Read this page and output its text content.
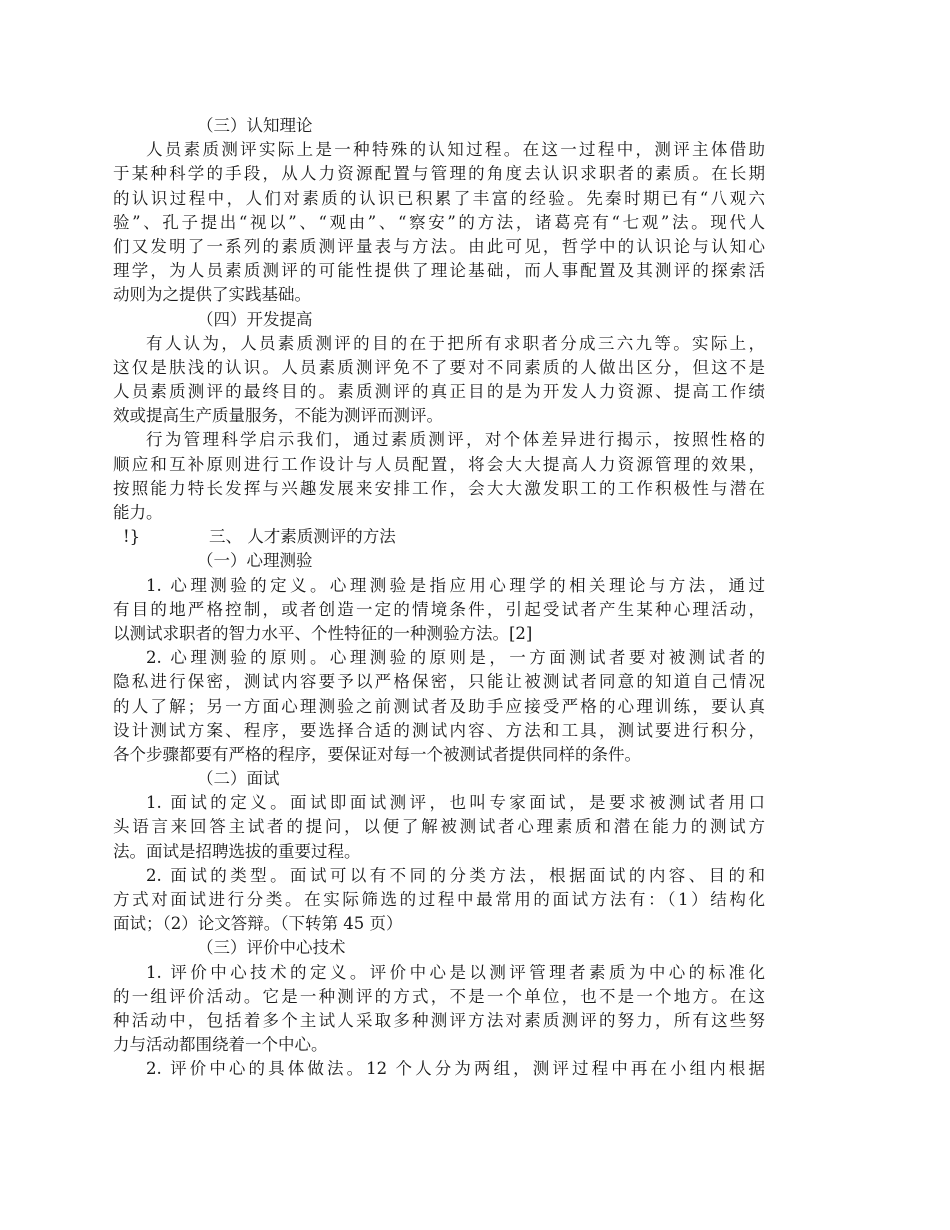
（三）认知理论
人员素质测评实际上是一种特殊的认知过程。在这一过程中，测评主体借助
于某种科学的手段，从人力资源配置与管理的角度去认识求职者的素质。在长期
的认识过程中，人们对素质的认识已积累了丰富的经验。先秦时期已有“八观六
验”、孔子提出“视以”、“观由”、“察安”的方法，诸葛亮有“七观”法。现代人
们又发明了一系列的素质测评量表与方法。由此可见，哲学中的认识论与认知心
理学，为人员素质测评的可能性提供了理论基础，而人事配置及其测评的探索活
动则为之提供了实践基础。
（四）开发提高
有人认为，人员素质测评的目的在于把所有求职者分成三六九等。实际上，
这仅是肤浅的认识。人员素质测评免不了要对不同素质的人做出区分，但这不是
人员素质测评的最终目的。素质测评的真正目的是为开发人力资源、提高工作绩
效或提高生产质量服务，不能为测评而测评。
行为管理科学启示我们，通过素质测评，对个体差异进行揭示，按照性格的
顺应和互补原则进行工作设计与人员配置，将会大大提高人力资源管理的效果，
按照能力特长发挥与兴趣发展来安排工作，会大大激发职工的工作积极性与潜在
能力。
!}	三、 人才素质测评的方法
（一）心理测验
1. 心理测验的定义。心理测验是指应用心理学的相关理论与方法，通过
有目的地严格控制，或者创造一定的情境条件，引起受试者产生某种心理活动，
以测试求职者的智力水平、个性特征的一种测验方法。[2]
2. 心理测验的原则。心理测验的原则是，一方面测试者要对被测试者的
隐私进行保密，测试内容要予以严格保密，只能让被测试者同意的知道自己情况
的人了解；另一方面心理测验之前测试者及助手应接受严格的心理训练，要认真
设计测试方案、程序，要选择合适的测试内容、方法和工具，测试要进行积分，
各个步骤都要有严格的程序，要保证对每一个被测试者提供同样的条件。
（二）面试
1. 面试的定义。面试即面试测评，也叫专家面试，是要求被测试者用口
头语言来回答主试者的提问，以便了解被测试者心理素质和潜在能力的测试方
法。面试是招聘选拔的重要过程。
2. 面试的类型。面试可以有不同的分类方法，根据面试的内容、目的和
方式对面试进行分类。在实际筛选的过程中最常用的面试方法有：（1）结构化
面试；（2）论文答辩。（下转第 45 页）
（三）评价中心技术
1. 评价中心技术的定义。评价中心是以测评管理者素质为中心的标准化
的一组评价活动。它是一种测评的方式，不是一个单位，也不是一个地方。在这
种活动中，包括着多个主试人采取多种测评方法对素质测评的努力，所有这些努
力与活动都围绕着一个中心。
2. 评价中心的具体做法。12 个人分为两组，测评过程中再在小组内根据
